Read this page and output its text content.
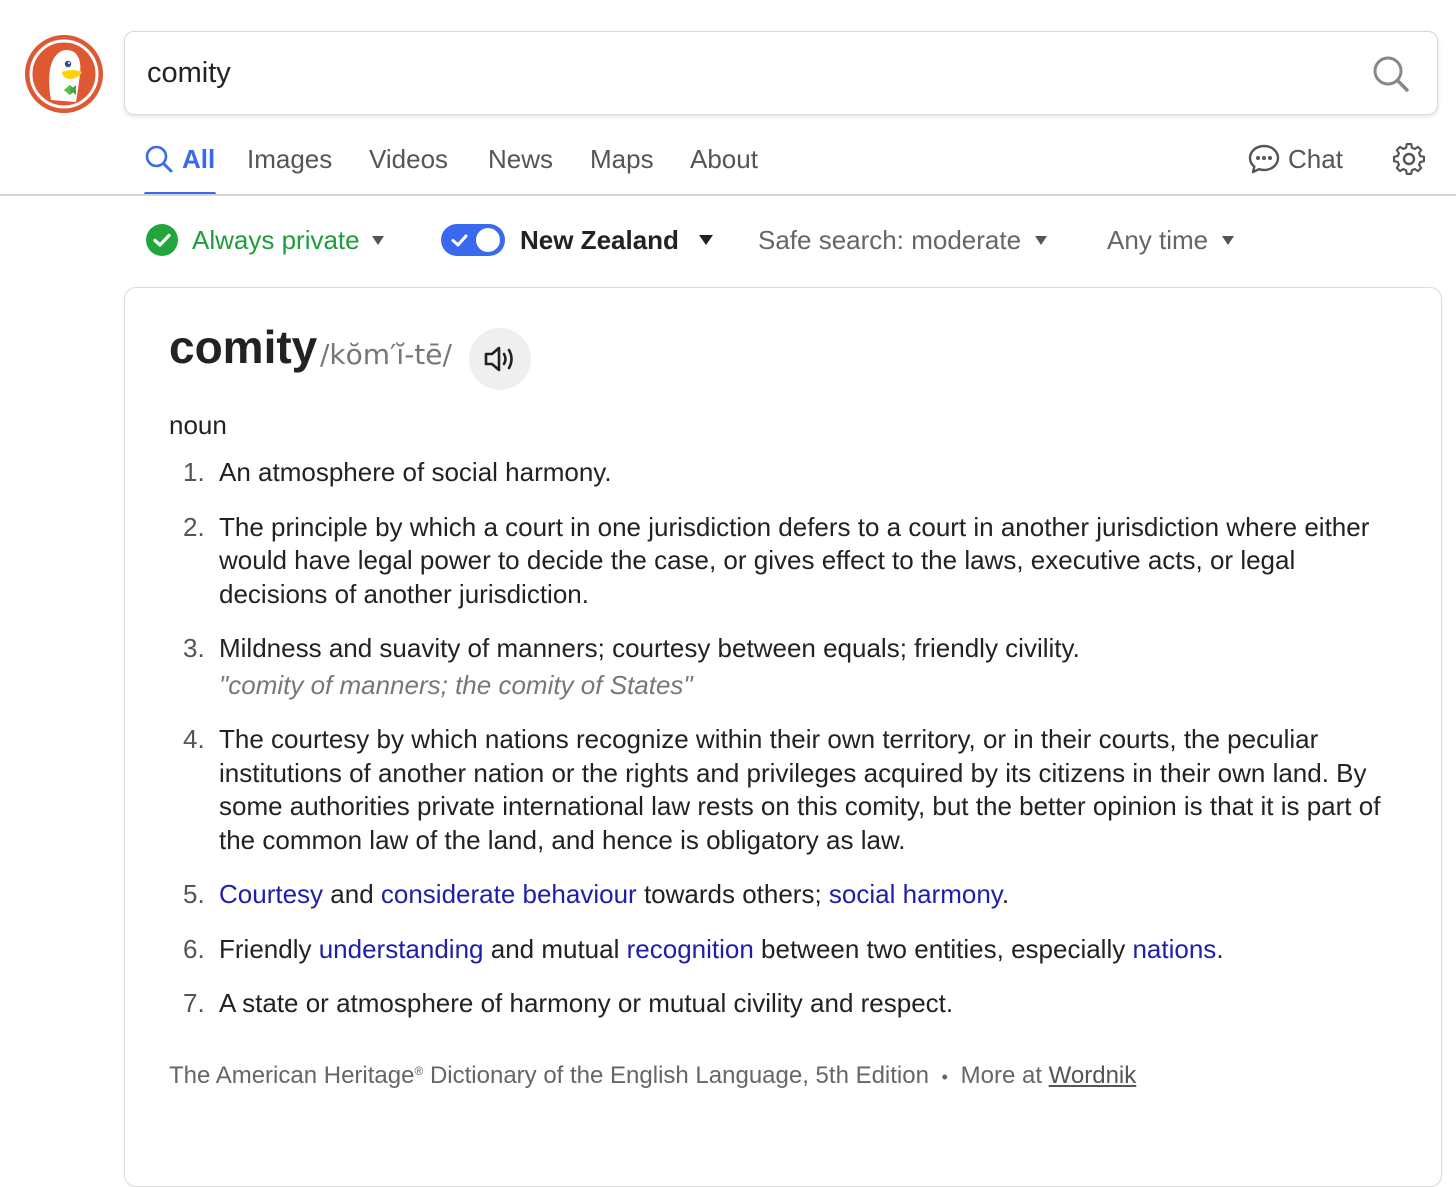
comity
All Images Videos News Maps About	Chat
Always private	New Zealand	Safe search: moderate	Any time
comity /kŏm′ĭ-tē/
noun
1. An atmosphere of social harmony.
2. The principle by which a court in one jurisdiction defers to a court in another jurisdiction where either would have legal power to decide the case, or gives effect to the laws, executive acts, or legal decisions of another jurisdiction.
3. Mildness and suavity of manners; courtesy between equals; friendly civility.
"comity of manners; the comity of States"
4. The courtesy by which nations recognize within their own territory, or in their courts, the peculiar institutions of another nation or the rights and privileges acquired by its citizens in their own land. By some authorities private international law rests on this comity, but the better opinion is that it is part of the common law of the land, and hence is obligatory as law.
5. Courtesy and considerate behaviour towards others; social harmony.
6. Friendly understanding and mutual recognition between two entities, especially nations.
7. A state or atmosphere of harmony or mutual civility and respect.
The American Heritage® Dictionary of the English Language, 5th Edition • More at Wordnik
